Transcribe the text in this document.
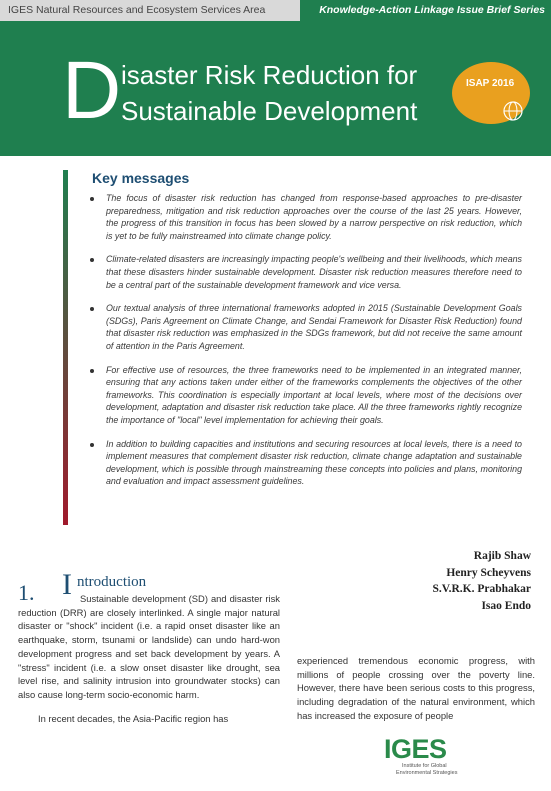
IGES Natural Resources and Ecosystem Services Area	Knowledge-Action Linkage Issue Brief Series
D isaster Risk Reduction for
Sustainable Development
ISAP 2016
Key messages
The focus of disaster risk reduction has changed from response-based approaches to pre-disaster preparedness, mitigation and risk reduction approaches over the course of the last 25 years. However, the progress of this transition in focus has been slowed by a narrow perspective on risk reduction, which is yet to be fully mainstreamed into climate change policy.
Climate-related disasters are increasingly impacting people's wellbeing and their livelihoods, which means that these disasters hinder sustainable development. Disaster risk reduction measures therefore need to be a central part of the sustainable development framework and vice versa.
Our textual analysis of three international frameworks adopted in 2015 (Sustainable Development Goals (SDGs), Paris Agreement on Climate Change, and Sendai Framework for Disaster Risk Reduction) found that disaster risk reduction was emphasized in the SDGs framework, but did not receive the same amount of attention in the Paris Agreement.
For effective use of resources, the three frameworks need to be implemented in an integrated manner, ensuring that any actions taken under either of the frameworks complements the objectives of the other frameworks. This coordination is especially important at local levels, where most of the decisions over development, adaptation and disaster risk reduction take place. All the three frameworks rightly recognize the importance of "local" level implementation for achieving their goals.
In addition to building capacities and institutions and securing resources at local levels, there is a need to implement measures that complement disaster risk reduction, climate change adaptation and sustainable development, which is possible through mainstreaming these concepts into policies and plans, monitoring and evaluation and impact assessment guidelines.
Rajib Shaw
Henry Scheyvens
S.V.R.K. Prabhakar
Isao Endo
1. I ntroduction

Sustainable development (SD) and disaster risk reduction (DRR) are closely interlinked. A single major natural disaster or "shock" incident (i.e. a rapid onset disaster like an earthquake, storm, tsunami or landslide) can undo hard-won development progress and set back development by years. A "stress" incident (i.e. a slow onset disaster like drought, sea level rise, and salinity intrusion into groundwater stocks) can also cause long-term socio-economic harm.

In recent decades, the Asia-Pacific region has

experienced tremendous economic progress, with millions of people crossing over the poverty line. However, there have been serious costs to this progress, including degradation of the natural environment, which has increased the exposure of people
IGES
Institute for Global
Environmental Strategies
